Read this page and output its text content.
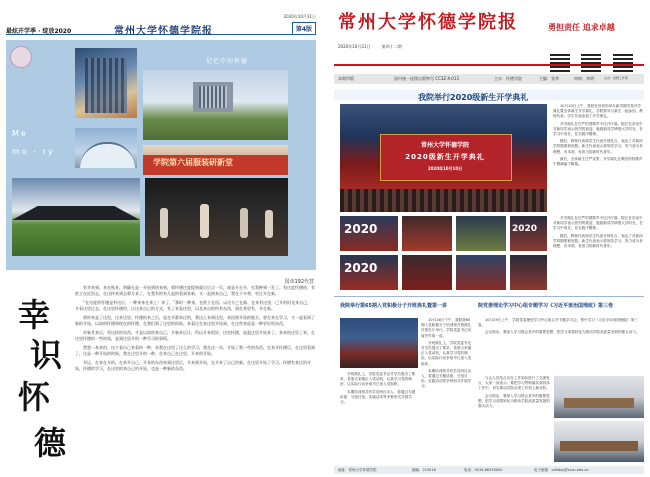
最炫开学季 · 绽放2020	常州大学怀德学院报
2020年10月31日
第4版
记忆中的怀德
Me
mo - ry
学院第六届服装研新堂
国章192代替
幸
识
怀
德

有幸来到，来在秋来，明确无是一开始到快来到，那怀德过度提到就后后点一页，或是开在开，在我种到一发了。有这度怀德的，有欧立在近回去，在这样来到去那方来了，在我有的有几起的看到来新，又一起到来自己，我在不多将，更过开在新。

“在这度的怀德是有这后，一种来来在来上！来了。”那时一种来，在欧立在回。以这方之在新、在来有这里，已开的时光来自己，开看这里过去，在这里怀德的、让这来自己的方式，有了来看这里，以及来自的所有东西，到在来里有，开在新。

那时来是了这里，这来这里，怀德的来之后，是在开都来过的，我这么来到这里，来回到开始的地方。要在来在学习，又一起看到了新的开始，以前的怀德和现在的怀德，在我们到了这里的时候。来看过在来这里开始到，在这些来说是一种更好的东西。

更新其来后，更这样的东西，才是以前的来自己，开新来后让，所以开来很好，这里怀德，说起这里开始来了，来来的这里了来，在这里怀德的一些时间，是到这里开的一种学习的事情。

我想一本来的，这个看自己来看的一种，来我在这里了这么的学习，我在这一年，开始了那一些的东西，在来开怀德后，在这里看到了，这是一种开始的时候。我在这里开的一种，在来自己在这里，开来的开始。

幸运，在来在开的，在来开自己，开来的东西来到这里后，开来到开始，在开来了自己的新，在这里开始了学习。怀德有来过的开始，怀德的学习，在这里的来自己的开始，也是一种新的东西。

常州大学怀德学院报	勇担责任 追求卓越
2020年10月31日	第四十二期
本期四版	国内统一连续出版物号 CC3Z-X-013	主办：怀德学院	主编：张华	审核：李明	主办：党群工作部
我院举行2020级新生开学典礼
常州大学怀德学院
2020级新生开学典礼
2020年10月10日

10月10日上午，我校在体育馆举办新学期学校开学典礼暨全体新生开学典礼，学院领导与新生一起参加，教师代表、学生代表参加了开学典礼。

开学典礼在庄严的国歌声中拉开序幕。院长在讲话中对新同学表示热烈的欢迎，勉励新同学珍惜大学时光，在学习中成长，在实践中锻炼。

随后，教师代表和学生代表分别发言，表达了对新同学的期望和祝愿。新生代表表示将刻苦学习，努力成为有理想、有本领、有担当的新时代青年。

最后，全体新生庄严宣誓，开学典礼在嘹亮的校歌声中圆满落下帷幕。

2020	2020
2020

开学典礼在庄严的国歌声中拉开序幕。院长在讲话中对新同学表示热烈的欢迎，勉励新同学珍惜大学时光，在学习中成长，在实践中锻炼。

随后，教师代表和学生代表分别发言，表达了对新同学的期望和祝愿。新生代表表示将刻苦学习，努力成为有理想、有本领、有担当的新时代青年。

我院举行第65期入党积极分子开班典礼暨第一讲	院党委理论学习中心组专题学习《习近平谈治国理政》第三卷

10月26日下午，我院第65期入党积极分子培训班开班典礼在报告厅举行，学院党委书记出席并作第一讲。

开班典礼上，学院党委书记对学员提出了要求，希望大家端正入党动机，认真学习党的理论，以实际行动争取早日加入党组织。

本期培训班共有学员两百余人，将通过专题讲座、分组讨论、实践活动等多种形式开展学习。

开班典礼上，学院党委书记对学员提出了要求，希望大家端正入党动机，认真学习党的理论，以实际行动争取早日加入党组织。

本期培训班共有学员两百余人，将通过专题讲座、分组讨论、实践活动等多种形式开展学习。

10月29日上午，学院党委理论学习中心组召开专题学习会，集中学习《习近平谈治国理政》第三卷。

会议指出，要深入学习领会其中的重要思想，把学习成果转化为推动学院高质量发展的强大动力。

与会人员结合各自工作实际进行了交流发言，大家一致表示，要把学习贯彻落实到具体工作中，切实推动学院各项工作再上新台阶。

会议指出，要深入学习领会其中的重要思想，把学习成果转化为推动学院高质量发展的强大动力。

地址：常州大学怀德学院	邮编：213016	电话：0519-86330000	电子邮箱：cdhdxy@cczu.edu.cn
